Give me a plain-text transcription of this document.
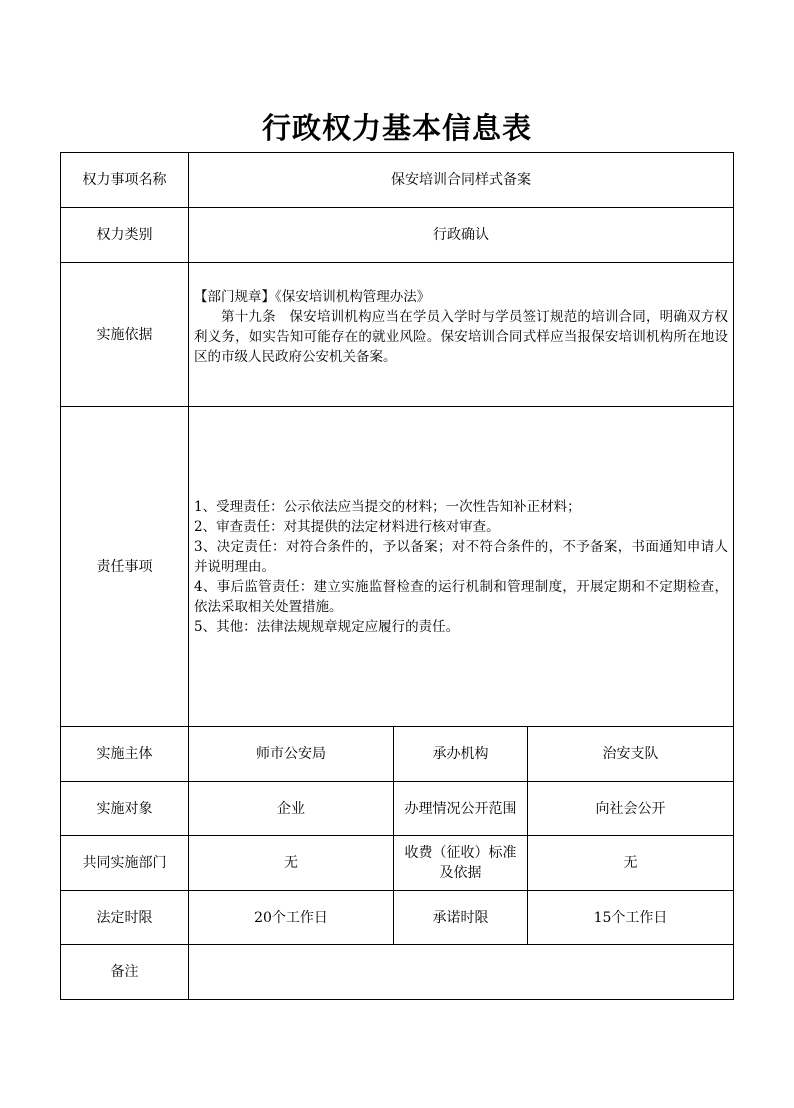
行政权力基本信息表
权力事项名称	保安培训合同样式备案		
权力类别	行政确认		
实施依据	【部门规章】《保安培训机构管理办法》
第十九条　保安培训机构应当在学员入学时与学员签订规范的培训合同，明确双方权利义务，如实告知可能存在的就业风险。保安培训合同式样应当报保安培训机构所在地设区的市级人民政府公安机关备案。		

责任事项	1、受理责任：公示依法应当提交的材料；一次性告知补正材料；
2、审查责任：对其提供的法定材料进行核对审查。
3、决定责任：对符合条件的，予以备案；对不符合条件的，不予备案，书面通知申请人并说明理由。
4、事后监管责任：建立实施监督检查的运行机制和管理制度，开展定期和不定期检查，依法采取相关处置措施。
5、其他：法律法规规章规定应履行的责任。		

实施主体	师市公安局	承办机构	治安支队
实施对象	企业	办理情况公开范围	向社会公开
共同实施部门	无	收费（征收）标准及依据	无
法定时限	20个工作日	承诺时限	15个工作日
备注			
